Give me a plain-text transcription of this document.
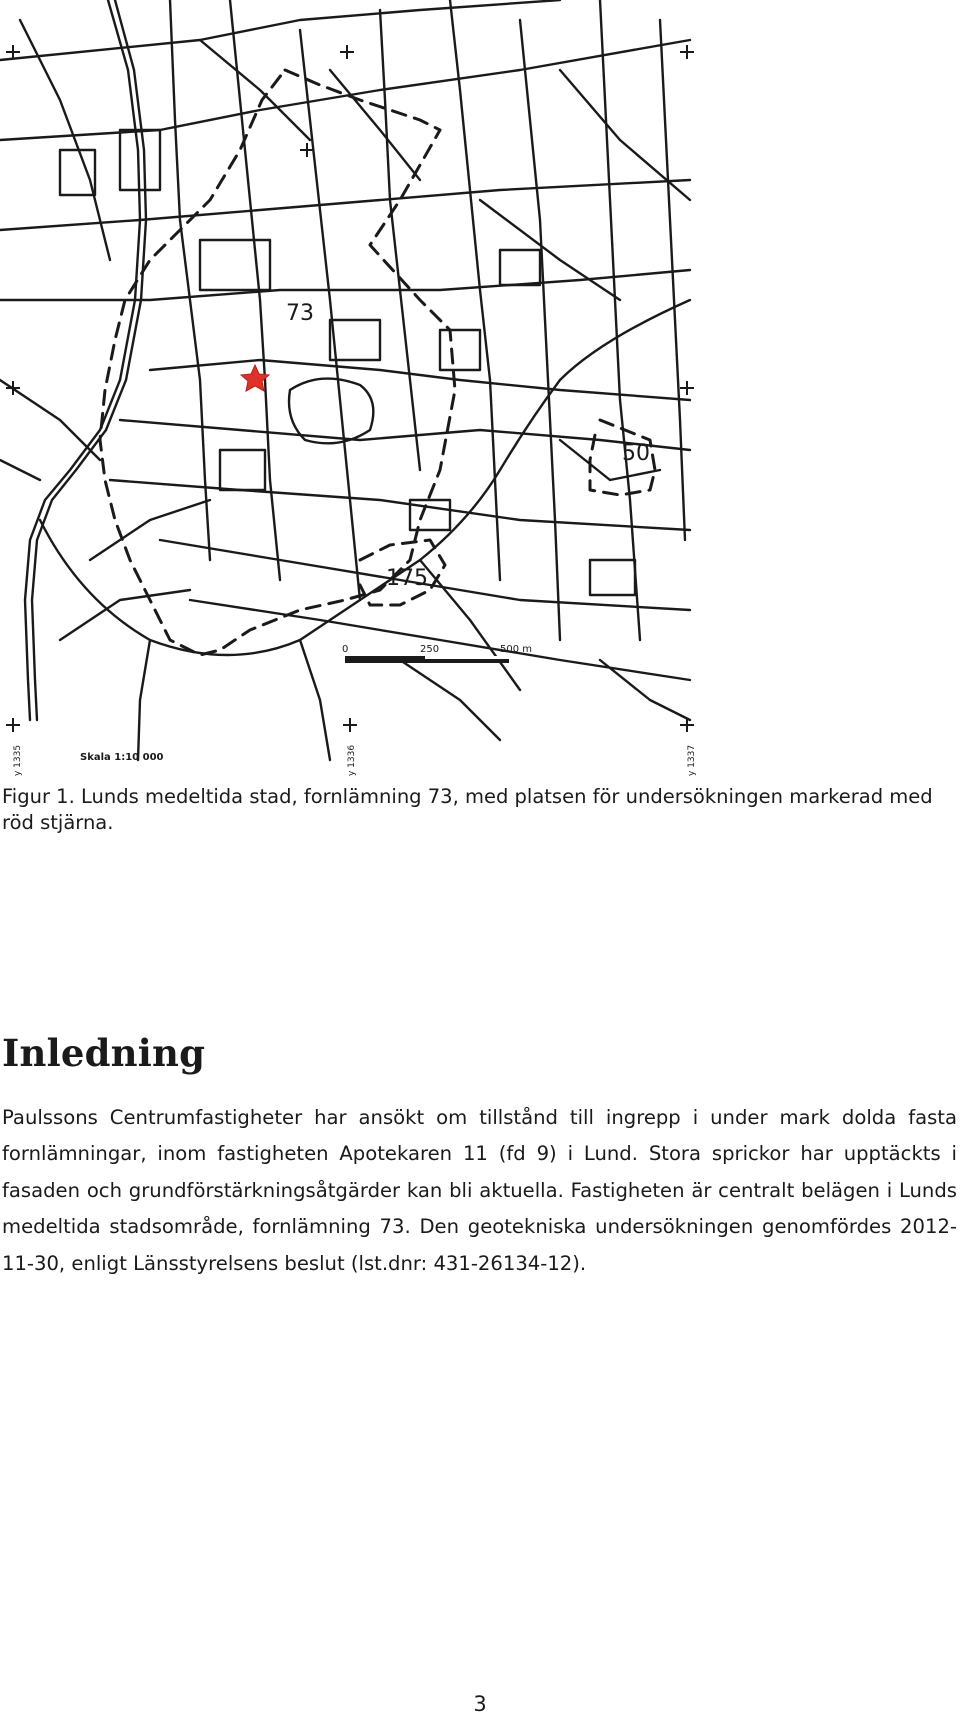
73
50
175
0	250	500 m
Skala 1:10 000
y 1335	y 1336	y 1337
Figur 1. Lunds medeltida stad, fornlämning 73, med platsen för undersökningen markerad med röd stjärna.
Inledning

Paulssons Centrumfastigheter har ansökt om tillstånd till ingrepp i under mark dolda fasta fornlämningar, inom fastigheten Apotekaren 11 (fd 9) i Lund. Stora sprickor har upptäckts i fasaden och grundförstärkningsåtgärder kan bli aktuella. Fastigheten är centralt belägen i Lunds medeltida stadsområde, fornlämning 73. Den geotekniska undersökningen genomfördes 2012-11-30, enligt Länsstyrelsens beslut (lst.dnr: 431-26134-12).

3
